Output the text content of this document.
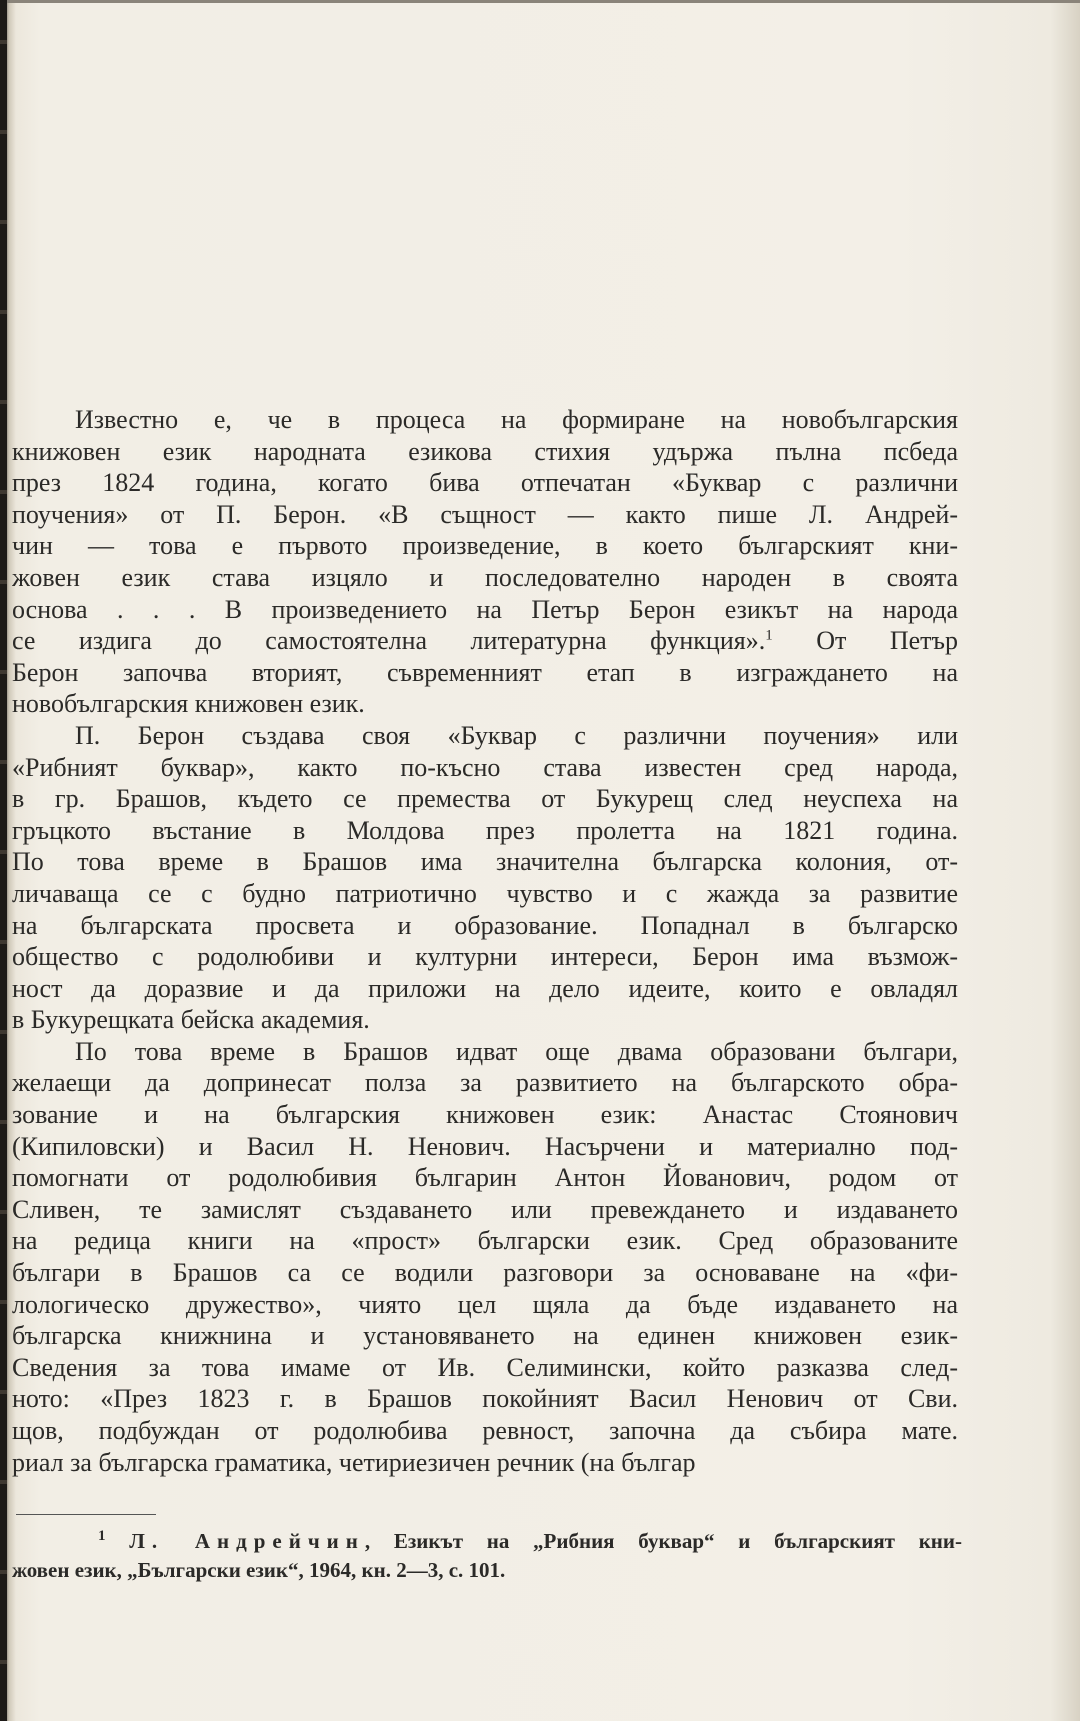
Известно е, че в процеса на формиране на новобългарския
книжовен език народната езикова стихия удържа пълна пcбеда
през 1824 година, когато бива отпечатан «Буквар с различни
поучения» от П. Берон. «В същност — както пише Л. Андрей-
чин — това е първото произведение, в което българският кни-
жовен език става изцяло и последователно народен в своята
основа . . . В произведението на Петър Берон езикът на народа
се издига до самостоятелна литературна функция».$^1$ От Петър
Берон започва вторият, съвременният етап в изграждането на
новобългарския книжовен език.
П. Берон създава своя «Буквар с различни поучения» или
«Рибният буквар», както по-късно става известен сред народа,
в гр. Брашов, където се премества от Букурещ след неуспеха на
гръцкото въстание в Молдова през пролетта на 1821 година.
По това време в Брашов има значителна българска колония, от-
личаваща се с будно патриотично чувство и с жажда за развитие
на българската просвета и образование. Попаднал в българско
общество с родолюбиви и културни интереси, Берон има възмож-
ност да доразвие и да приложи на дело идеите, които е овладял
в Букурещката бейска академия.
По това време в Брашов идват още двама образовани българи,
желаещи да допринесат полза за развитието на българското обра-
зование и на българския книжовен език: Анастас Стоянович
(Кипиловски) и Васил Н. Ненович. Насърчени и материално под-
помогнати от родолюбивия българин Антон Йованович, родом от
Сливен, те замислят създаването или превеждането и издаването
на редица книги на «прост» български език. Сред образованите
българи в Брашов са се водили разговори за основаване на «фи-
лологическо дружество», чиято цел щяла да бъде издаването на
българска книжнина и установяването на единен книжовен език-
Сведения за това имаме от Ив. Селимински, който разказва след-
ното: «През 1823 г. в Брашов покойният Васил Ненович от Сви.
щов, подбуждан от родолюбива ревност, започна да събира мате.
риал за българска граматика, четириезичен речник (на българ
$^1$ Л. Андрейчин, Езикът на „Рибния буквар“ и българският кни-
жовен език, „Български език“, 1964, кн. 2—3, с. 101.
